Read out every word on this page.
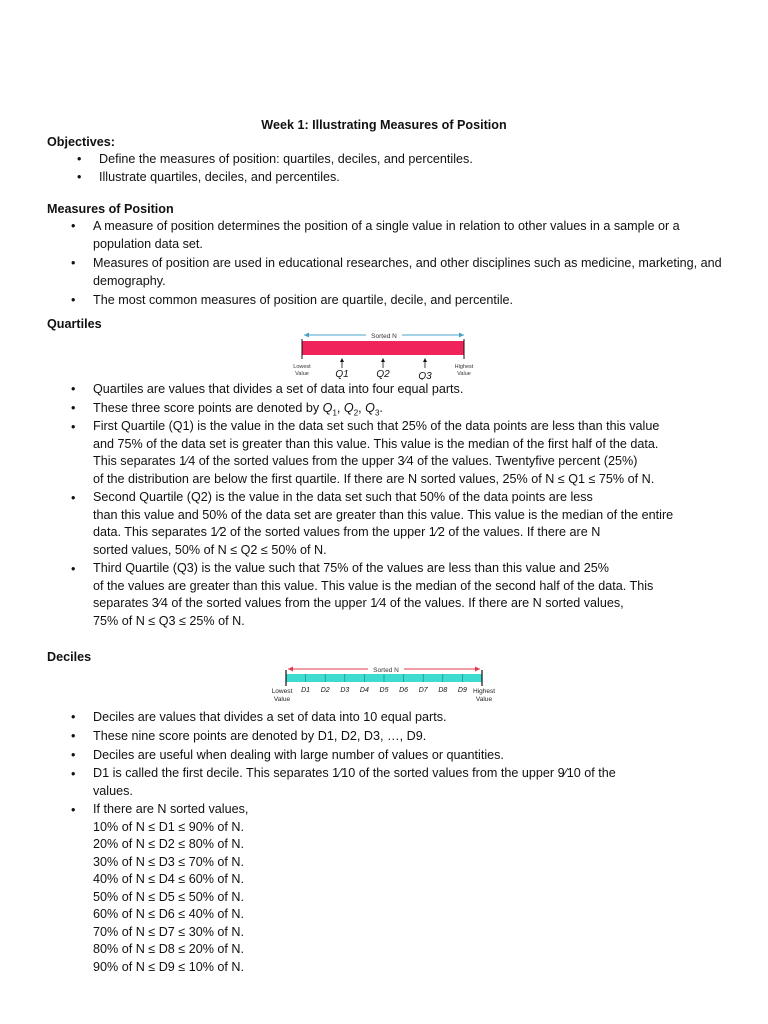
Week 1: Illustrating Measures of Position
Objectives:
• Define the measures of position: quartiles, deciles, and percentiles.
• Illustrate quartiles, deciles, and percentiles.
Measures of Position
• A measure of position determines the position of a single value in relation to other values in a sample or a population data set.
• Measures of position are used in educational researches, and other disciplines such as medicine, marketing, and demography.
• The most common measures of position are quartile, decile, and percentile.
Quartiles
Sorted N
Lowest
Value
Highest
Value
Q1	Q2	Q3
• Quartiles are values that divides a set of data into four equal parts.
• These three score points are denoted by $Q_1$, $Q_2$, $Q_3$.
• First Quartile (Q1) is the value in the data set such that 25% of the data points are less than this value
and 75% of the data set is greater than this value. This value is the median of the first half of the data.
This separates 1⁄​4​ of the sorted values from the upper 3⁄​4​ of the values. Twentyfive percent (25%)
of the distribution are below the first quartile. If there are N sorted values, 25% of N ≤ Q1 ≤ 75% of N.
• Second Quartile (Q2) is the value in the data set such that 50% of the data points are less
than this value and 50% of the data set are greater than this value. This value is the median of the entire
data. This separates 1⁄​2​ of the sorted values from the upper 1⁄​2​ of the values. If there are N
sorted values, 50% of N ≤ Q2 ≤ 50% of N.
• Third Quartile (Q3) is the value such that 75% of the values are less than this value and 25%
of the values are greater than this value. This value is the median of the second half of the data. This
separates 3⁄​4​ of the sorted values from the upper 1⁄​4​ of the values. If there are N sorted values,
75% of N ≤ Q3 ≤ 25% of N.
Deciles
Sorted N
D1 D2 D3 D4 D5 D6 D7 D8 D9
Lowest
Value
Highest
Value
• Deciles are values that divides a set of data into 10 equal parts.
• These nine score points are denoted by D​1​, D​2​, D​3​, …, D​9​.
• Deciles are useful when dealing with large number of values or quantities.
• D1 is called the first decile. This separates 1⁄​10​ of the sorted values from the upper 9⁄​10​ of the
values.
• If there are N sorted values,
10% of N ≤ D1 ≤ 90% of N.
20% of N ≤ D2 ≤ 80% of N.
30% of N ≤ D3 ≤ 70% of N.
40% of N ≤ D4 ≤ 60% of N.
50% of N ≤ D5 ≤ 50% of N.
60% of N ≤ D6 ≤ 40% of N.
70% of N ≤ D7 ≤ 30% of N.
80% of N ≤ D8 ≤ 20% of N.
90% of N ≤ D9 ≤ 10% of N.
